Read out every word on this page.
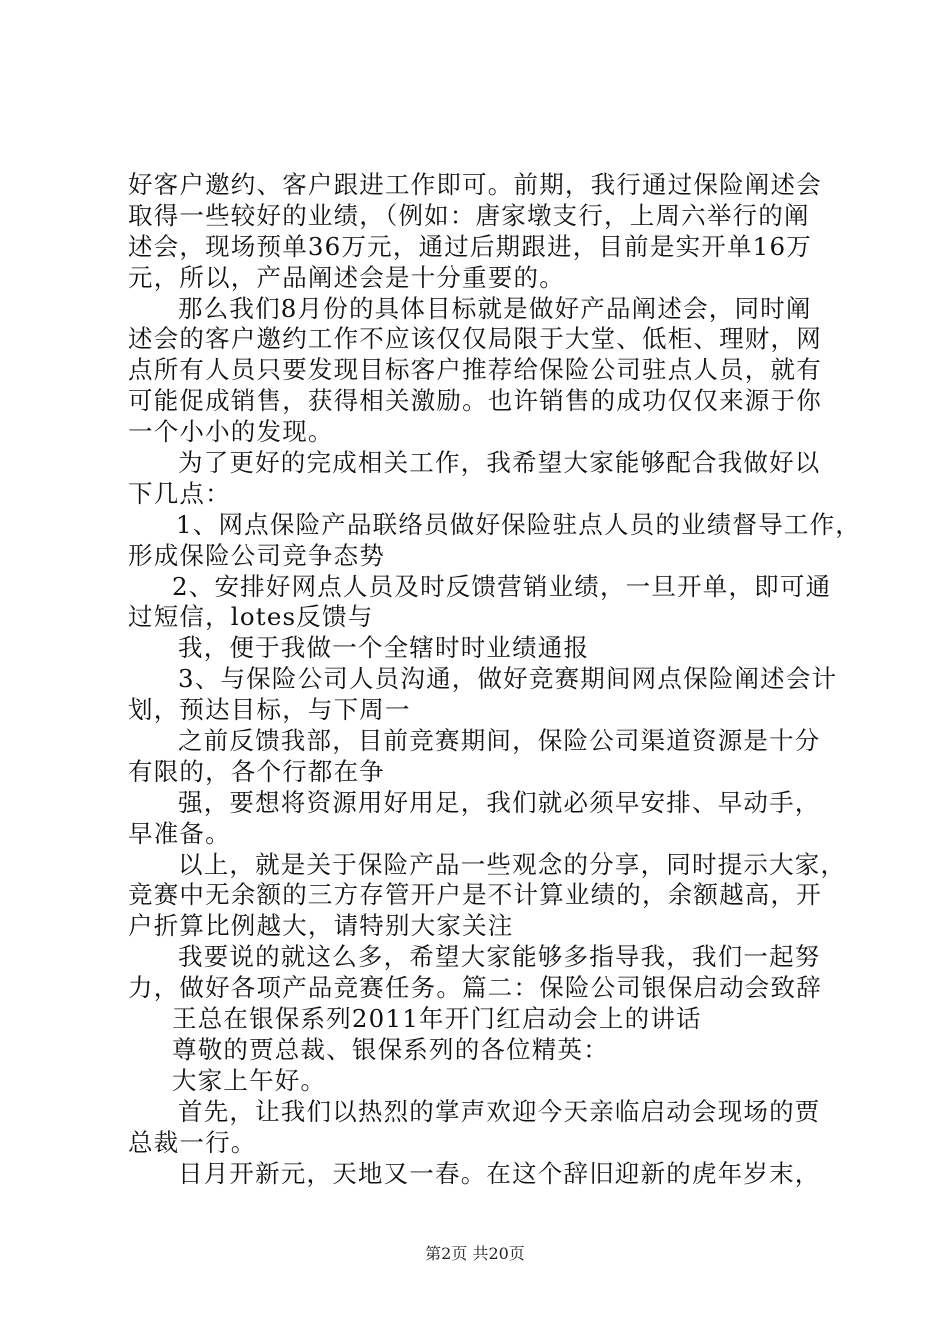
好客户邀约、客户跟进工作即可。前期，我行通过保险阐述会
取得一些较好的业绩，（例如：唐家墩支行，上周六举行的阐
述会，现场预单36万元，通过后期跟进，目前是实开单16万
元，所以，产品阐述会是十分重要的。
那么我们8月份的具体目标就是做好产品阐述会，同时阐
述会的客户邀约工作不应该仅仅局限于大堂、低柜、理财，网
点所有人员只要发现目标客户推荐给保险公司驻点人员，就有
可能促成销售，获得相关激励。也许销售的成功仅仅来源于你
一个小小的发现。
为了更好的完成相关工作，我希望大家能够配合我做好以
下几点：
1、网点保险产品联络员做好保险驻点人员的业绩督导工作，
形成保险公司竞争态势
2、安排好网点人员及时反馈营销业绩，一旦开单，即可通
过短信，lotes反馈与
我，便于我做一个全辖时时业绩通报
3、与保险公司人员沟通，做好竞赛期间网点保险阐述会计
划，预达目标，与下周一
之前反馈我部，目前竞赛期间，保险公司渠道资源是十分
有限的，各个行都在争
强，要想将资源用好用足，我们就必须早安排、早动手，
早准备。
以上，就是关于保险产品一些观念的分享，同时提示大家，
竞赛中无余额的三方存管开户是不计算业绩的，余额越高，开
户折算比例越大，请特别大家关注
我要说的就这么多，希望大家能够多指导我，我们一起努
力，做好各项产品竞赛任务。篇二：保险公司银保启动会致辞
王总在银保系列2011年开门红启动会上的讲话
尊敬的贾总裁、银保系列的各位精英：
大家上午好。
首先，让我们以热烈的掌声欢迎今天亲临启动会现场的贾
总裁一行。
日月开新元，天地又一春。在这个辞旧迎新的虎年岁末，
第2页 共20页
